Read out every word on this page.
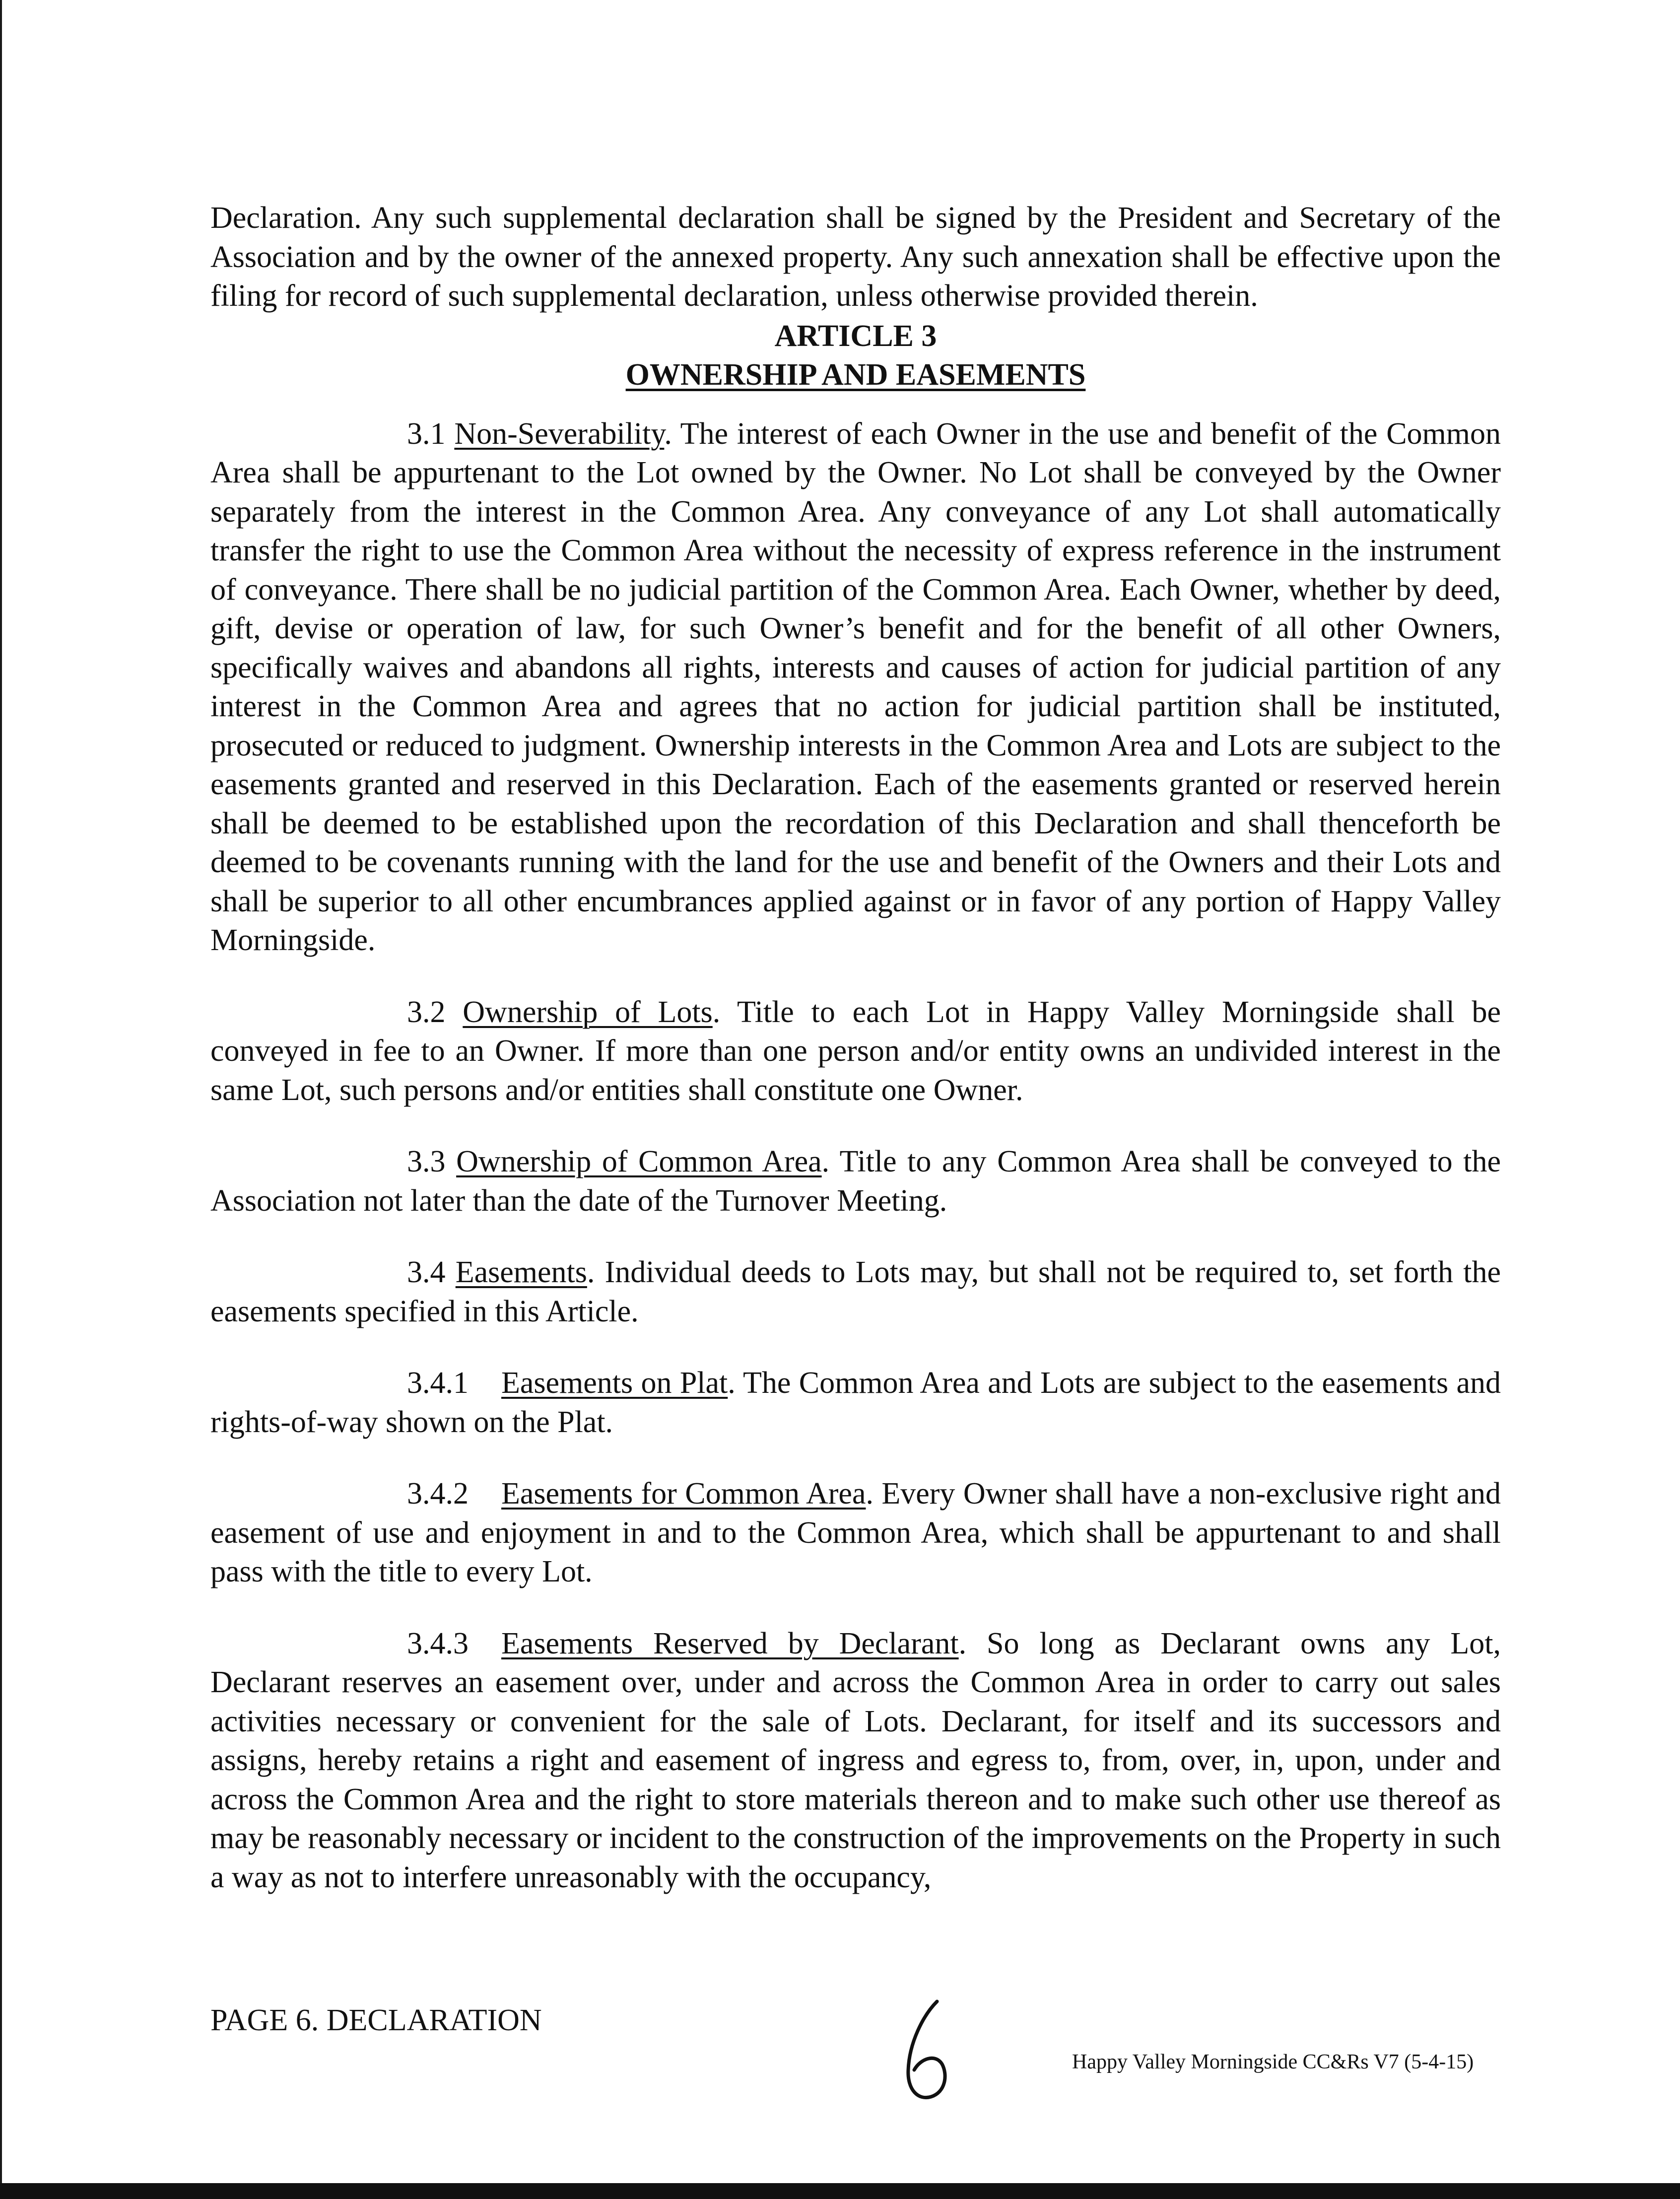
Declaration. Any such supplemental declaration shall be signed by the President and Secretary of the Association and by the owner of the annexed property. Any such annexation shall be effective upon the filing for record of such supplemental declaration, unless otherwise provided therein.

ARTICLE 3

OWNERSHIP AND EASEMENTS

3.1 Non-Severability. The interest of each Owner in the use and benefit of the Common Area shall be appurtenant to the Lot owned by the Owner. No Lot shall be conveyed by the Owner separately from the interest in the Common Area. Any conveyance of any Lot shall automatically transfer the right to use the Common Area without the necessity of express reference in the instrument of conveyance. There shall be no judicial partition of the Common Area. Each Owner, whether by deed, gift, devise or operation of law, for such Owner’s benefit and for the benefit of all other Owners, specifically waives and abandons all rights, interests and causes of action for judicial partition of any interest in the Common Area and agrees that no action for judicial partition shall be instituted, prosecuted or reduced to judgment. Ownership interests in the Common Area and Lots are subject to the easements granted and reserved in this Declaration. Each of the easements granted or reserved herein shall be deemed to be established upon the recordation of this Declaration and shall thenceforth be deemed to be covenants running with the land for the use and benefit of the Owners and their Lots and shall be superior to all other encumbrances applied against or in favor of any portion of Happy Valley Morningside.

3.2 Ownership of Lots. Title to each Lot in Happy Valley Morningside shall be conveyed in fee to an Owner. If more than one person and/or entity owns an undivided interest in the same Lot, such persons and/or entities shall constitute one Owner.

3.3 Ownership of Common Area. Title to any Common Area shall be conveyed to the Association not later than the date of the Turnover Meeting.

3.4 Easements. Individual deeds to Lots may, but shall not be required to, set forth the easements specified in this Article.

3.4.1 Easements on Plat. The Common Area and Lots are subject to the easements and rights-of-way shown on the Plat.

3.4.2 Easements for Common Area. Every Owner shall have a non-exclusive right and easement of use and enjoyment in and to the Common Area, which shall be appurtenant to and shall pass with the title to every Lot.

3.4.3 Easements Reserved by Declarant. So long as Declarant owns any Lot, Declarant reserves an easement over, under and across the Common Area in order to carry out sales activities necessary or convenient for the sale of Lots. Declarant, for itself and its successors and assigns, hereby retains a right and easement of ingress and egress to, from, over, in, upon, under and across the Common Area and the right to store materials thereon and to make such other use thereof as may be reasonably necessary or incident to the construction of the improvements on the Property in such a way as not to interfere unreasonably with the occupancy,

PAGE 6. DECLARATION
Happy Valley Morningside CC&Rs V7 (5-4-15)
